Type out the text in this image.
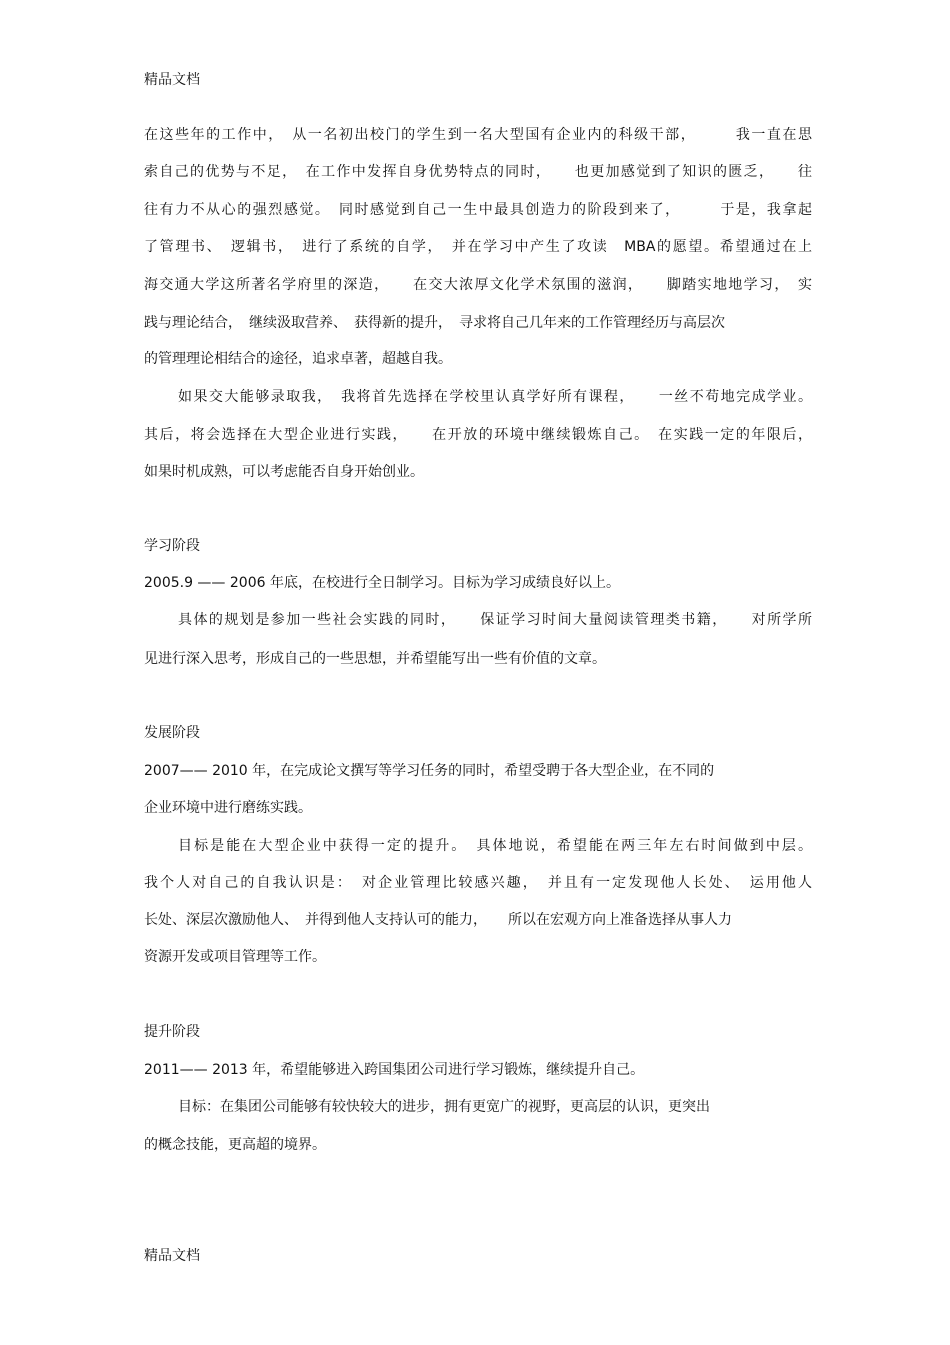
精品文档
在这些年的工作中，　从一名初出校门的学生到一名大型国有企业内的科级干部，　　　我一直在思
索自己的优势与不足，　在工作中发挥自身优势特点的同时，　　也更加感觉到了知识的匮乏，　　往
往有力不从心的强烈感觉。　同时感觉到自己一生中最具创造力的阶段到来了，　　　于是，我拿起
了管理书、　逻辑书，　进行了系统的自学，　并在学习中产生了攻读　MBA的愿望。希望通过在上
海交通大学这所著名学府里的深造，　　在交大浓厚文化学术氛围的滋润，　　脚踏实地地学习，　实
践与理论结合，　继续汲取营养、　获得新的提升，　寻求将自己几年来的工作管理经历与高层次
的管理理论相结合的途径，追求卓著，超越自我。
如果交大能够录取我，　我将首先选择在学校里认真学好所有课程，　　一丝不苟地完成学业。
其后，将会选择在大型企业进行实践，　　在开放的环境中继续锻炼自己。　在实践一定的年限后，
如果时机成熟，可以考虑能否自身开始创业。
学习阶段
2005.9 —— 2006 年底，在校进行全日制学习。目标为学习成绩良好以上。
具体的规划是参加一些社会实践的同时，　　保证学习时间大量阅读管理类书籍，　　对所学所
见进行深入思考，形成自己的一些思想，并希望能写出一些有价值的文章。
发展阶段
2007—— 2010 年，在完成论文撰写等学习任务的同时，希望受聘于各大型企业，在不同的
企业环境中进行磨练实践。
目标是能在大型企业中获得一定的提升。　具体地说，希望能在两三年左右时间做到中层。
我个人对自己的自我认识是：　对企业管理比较感兴趣，　并且有一定发现他人长处、　运用他人
长处、深层次激励他人、　并得到他人支持认可的能力，　　所以在宏观方向上准备选择从事人力
资源开发或项目管理等工作。
提升阶段
2011—— 2013 年，希望能够进入跨国集团公司进行学习锻炼，继续提升自己。
目标：在集团公司能够有较快较大的进步，拥有更宽广的视野，更高层的认识，更突出
的概念技能，更高超的境界。
精品文档
